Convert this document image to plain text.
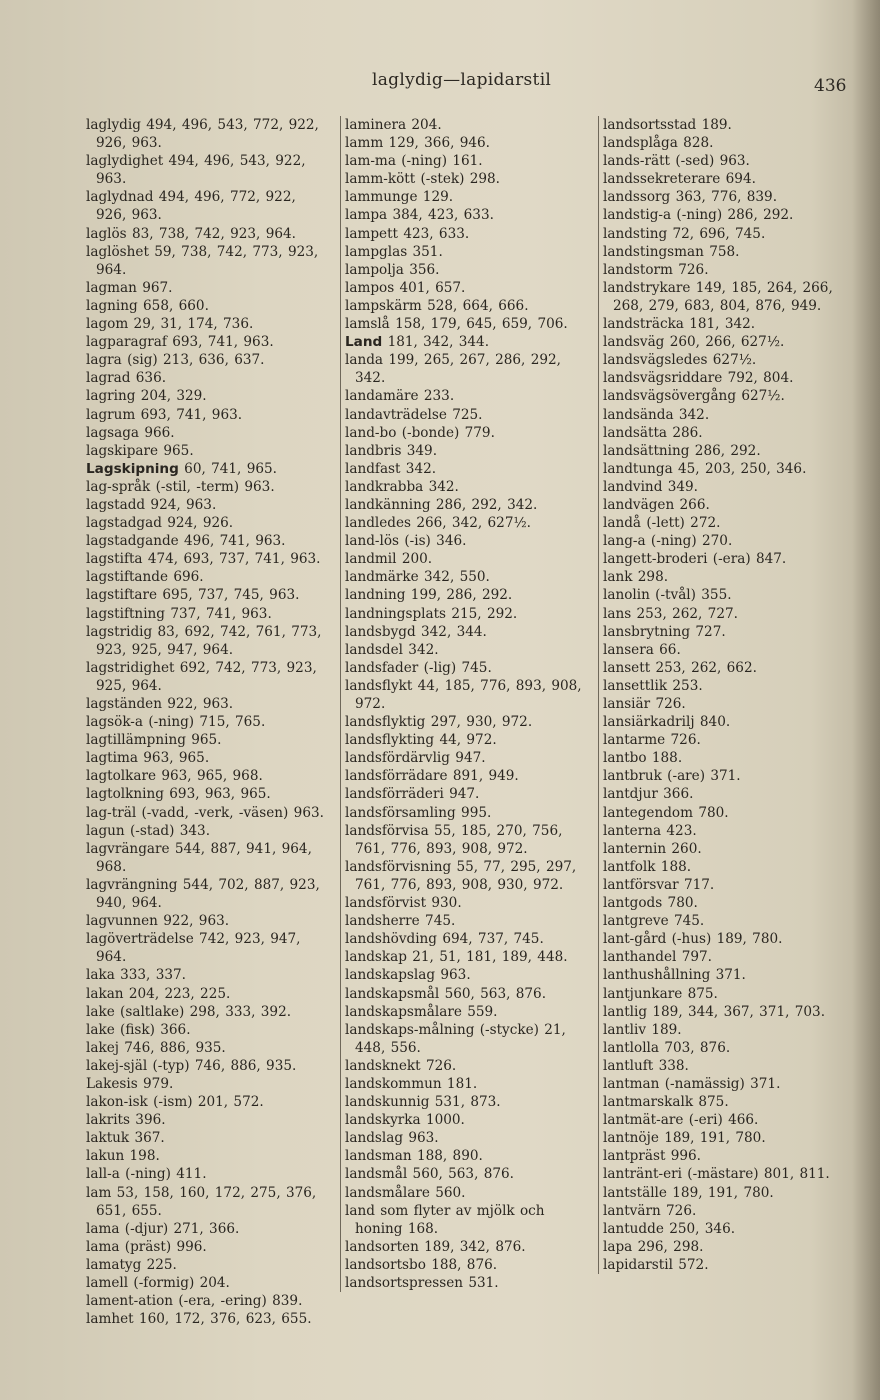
laglydig—lapidarstil	436
laglydig 494, 496, 543, 772, 922, 926, 963.
laglydighet 494, 496, 543, 922, 963.
laglydnad 494, 496, 772, 922, 926, 963.
laglös 83, 738, 742, 923, 964.
laglöshet 59, 738, 742, 773, 923, 964.
lagman 967.
lagning 658, 660.
lagom 29, 31, 174, 736.
lagparagraf 693, 741, 963.
lagra (sig) 213, 636, 637.
lagrad 636.
lagring 204, 329.
lagrum 693, 741, 963.
lagsaga 966.
lagskipare 965.
Lagskipning 60, 741, 965.
lag-språk (-stil, -term) 963.
lagstadd 924, 963.
lagstadgad 924, 926.
lagstadgande 496, 741, 963.
lagstifta 474, 693, 737, 741, 963.
lagstiftande 696.
lagstiftare 695, 737, 745, 963.
lagstiftning 737, 741, 963.
lagstridig 83, 692, 742, 761, 773, 923, 925, 947, 964.
lagstridighet 692, 742, 773, 923, 925, 964.
lagständen 922, 963.
lagsök-a (-ning) 715, 765.
lagtillämpning 965.
lagtima 963, 965.
lagtolkare 963, 965, 968.
lagtolkning 693, 963, 965.
lag-träl (-vadd, -verk, -väsen) 963.
lagun (-stad) 343.
lagvrängare 544, 887, 941, 964, 968.
lagvrängning 544, 702, 887, 923, 940, 964.
lagvunnen 922, 963.
lagöverträdelse 742, 923, 947, 964.
laka 333, 337.
lakan 204, 223, 225.
lake (saltlake) 298, 333, 392.
lake (fisk) 366.
lakej 746, 886, 935.
lakej-själ (-typ) 746, 886, 935.
Lakesis 979.
lakon-isk (-ism) 201, 572.
lakrits 396.
laktuk 367.
lakun 198.
lall-a (-ning) 411.
lam 53, 158, 160, 172, 275, 376, 651, 655.
lama (-djur) 271, 366.
lama (präst) 996.
lamatyg 225.
lamell (-formig) 204.
lament-ation (-era, -ering) 839.
lamhet 160, 172, 376, 623, 655.
laminera 204.
lamm 129, 366, 946.
lam-ma (-ning) 161.
lamm-kött (-stek) 298.
lammunge 129.
lampa 384, 423, 633.
lampett 423, 633.
lampglas 351.
lampolja 356.
lampos 401, 657.
lampskärm 528, 664, 666.
lamslå 158, 179, 645, 659, 706.
Land 181, 342, 344.
landa 199, 265, 267, 286, 292, 342.
landamäre 233.
landavträdelse 725.
land-bo (-bonde) 779.
landbris 349.
landfast 342.
landkrabba 342.
landkänning 286, 292, 342.
landledes 266, 342, 627½.
land-lös (-is) 346.
landmil 200.
landmärke 342, 550.
landning 199, 286, 292.
landningsplats 215, 292.
landsbygd 342, 344.
landsdel 342.
landsfader (-lig) 745.
landsflykt 44, 185, 776, 893, 908, 972.
landsflyktig 297, 930, 972.
landsflykting 44, 972.
landsfördärvlig 947.
landsförrädare 891, 949.
landsförräderi 947.
landsförsamling 995.
landsförvisa 55, 185, 270, 756, 761, 776, 893, 908, 972.
landsförvisning 55, 77, 295, 297, 761, 776, 893, 908, 930, 972.
landsförvist 930.
landsherre 745.
landshövding 694, 737, 745.
landskap 21, 51, 181, 189, 448.
landskapslag 963.
landskapsmål 560, 563, 876.
landskapsmålare 559.
landskaps-målning (-stycke) 21, 448, 556.
landsknekt 726.
landskommun 181.
landskunnig 531, 873.
landskyrka 1000.
landslag 963.
landsman 188, 890.
landsmål 560, 563, 876.
landsmålare 560.
land som flyter av mjölk och honing 168.
landsorten 189, 342, 876.
landsortsbo 188, 876.
landsortspressen 531.
landsortsstad 189.
landsplåga 828.
lands-rätt (-sed) 963.
landssekreterare 694.
landssorg 363, 776, 839.
landstig-a (-ning) 286, 292.
landsting 72, 696, 745.
landstingsman 758.
landstorm 726.
landstrykare 149, 185, 264, 266, 268, 279, 683, 804, 876, 949.
landsträcka 181, 342.
landsväg 260, 266, 627½.
landsvägsledes 627½.
landsvägsriddare 792, 804.
landsvägsövergång 627½.
landsända 342.
landsätta 286.
landsättning 286, 292.
landtunga 45, 203, 250, 346.
landvind 349.
landvägen 266.
landå (-lett) 272.
lang-a (-ning) 270.
langett-broderi (-era) 847.
lank 298.
lanolin (-tvål) 355.
lans 253, 262, 727.
lansbrytning 727.
lansera 66.
lansett 253, 262, 662.
lansettlik 253.
lansiär 726.
lansiärkadrilj 840.
lantarme 726.
lantbo 188.
lantbruk (-are) 371.
lantdjur 366.
lantegendom 780.
lanterna 423.
lanternin 260.
lantfolk 188.
lantförsvar 717.
lantgods 780.
lantgreve 745.
lant-gård (-hus) 189, 780.
lanthandel 797.
lanthushållning 371.
lantjunkare 875.
lantlig 189, 344, 367, 371, 703.
lantliv 189.
lantlolla 703, 876.
lantluft 338.
lantman (-namässig) 371.
lantmarskalk 875.
lantmät-are (-eri) 466.
lantnöje 189, 191, 780.
lantpräst 996.
lantränt-eri (-mästare) 801, 811.
lantställe 189, 191, 780.
lantvärn 726.
lantudde 250, 346.
lapa 296, 298.
lapidarstil 572.
